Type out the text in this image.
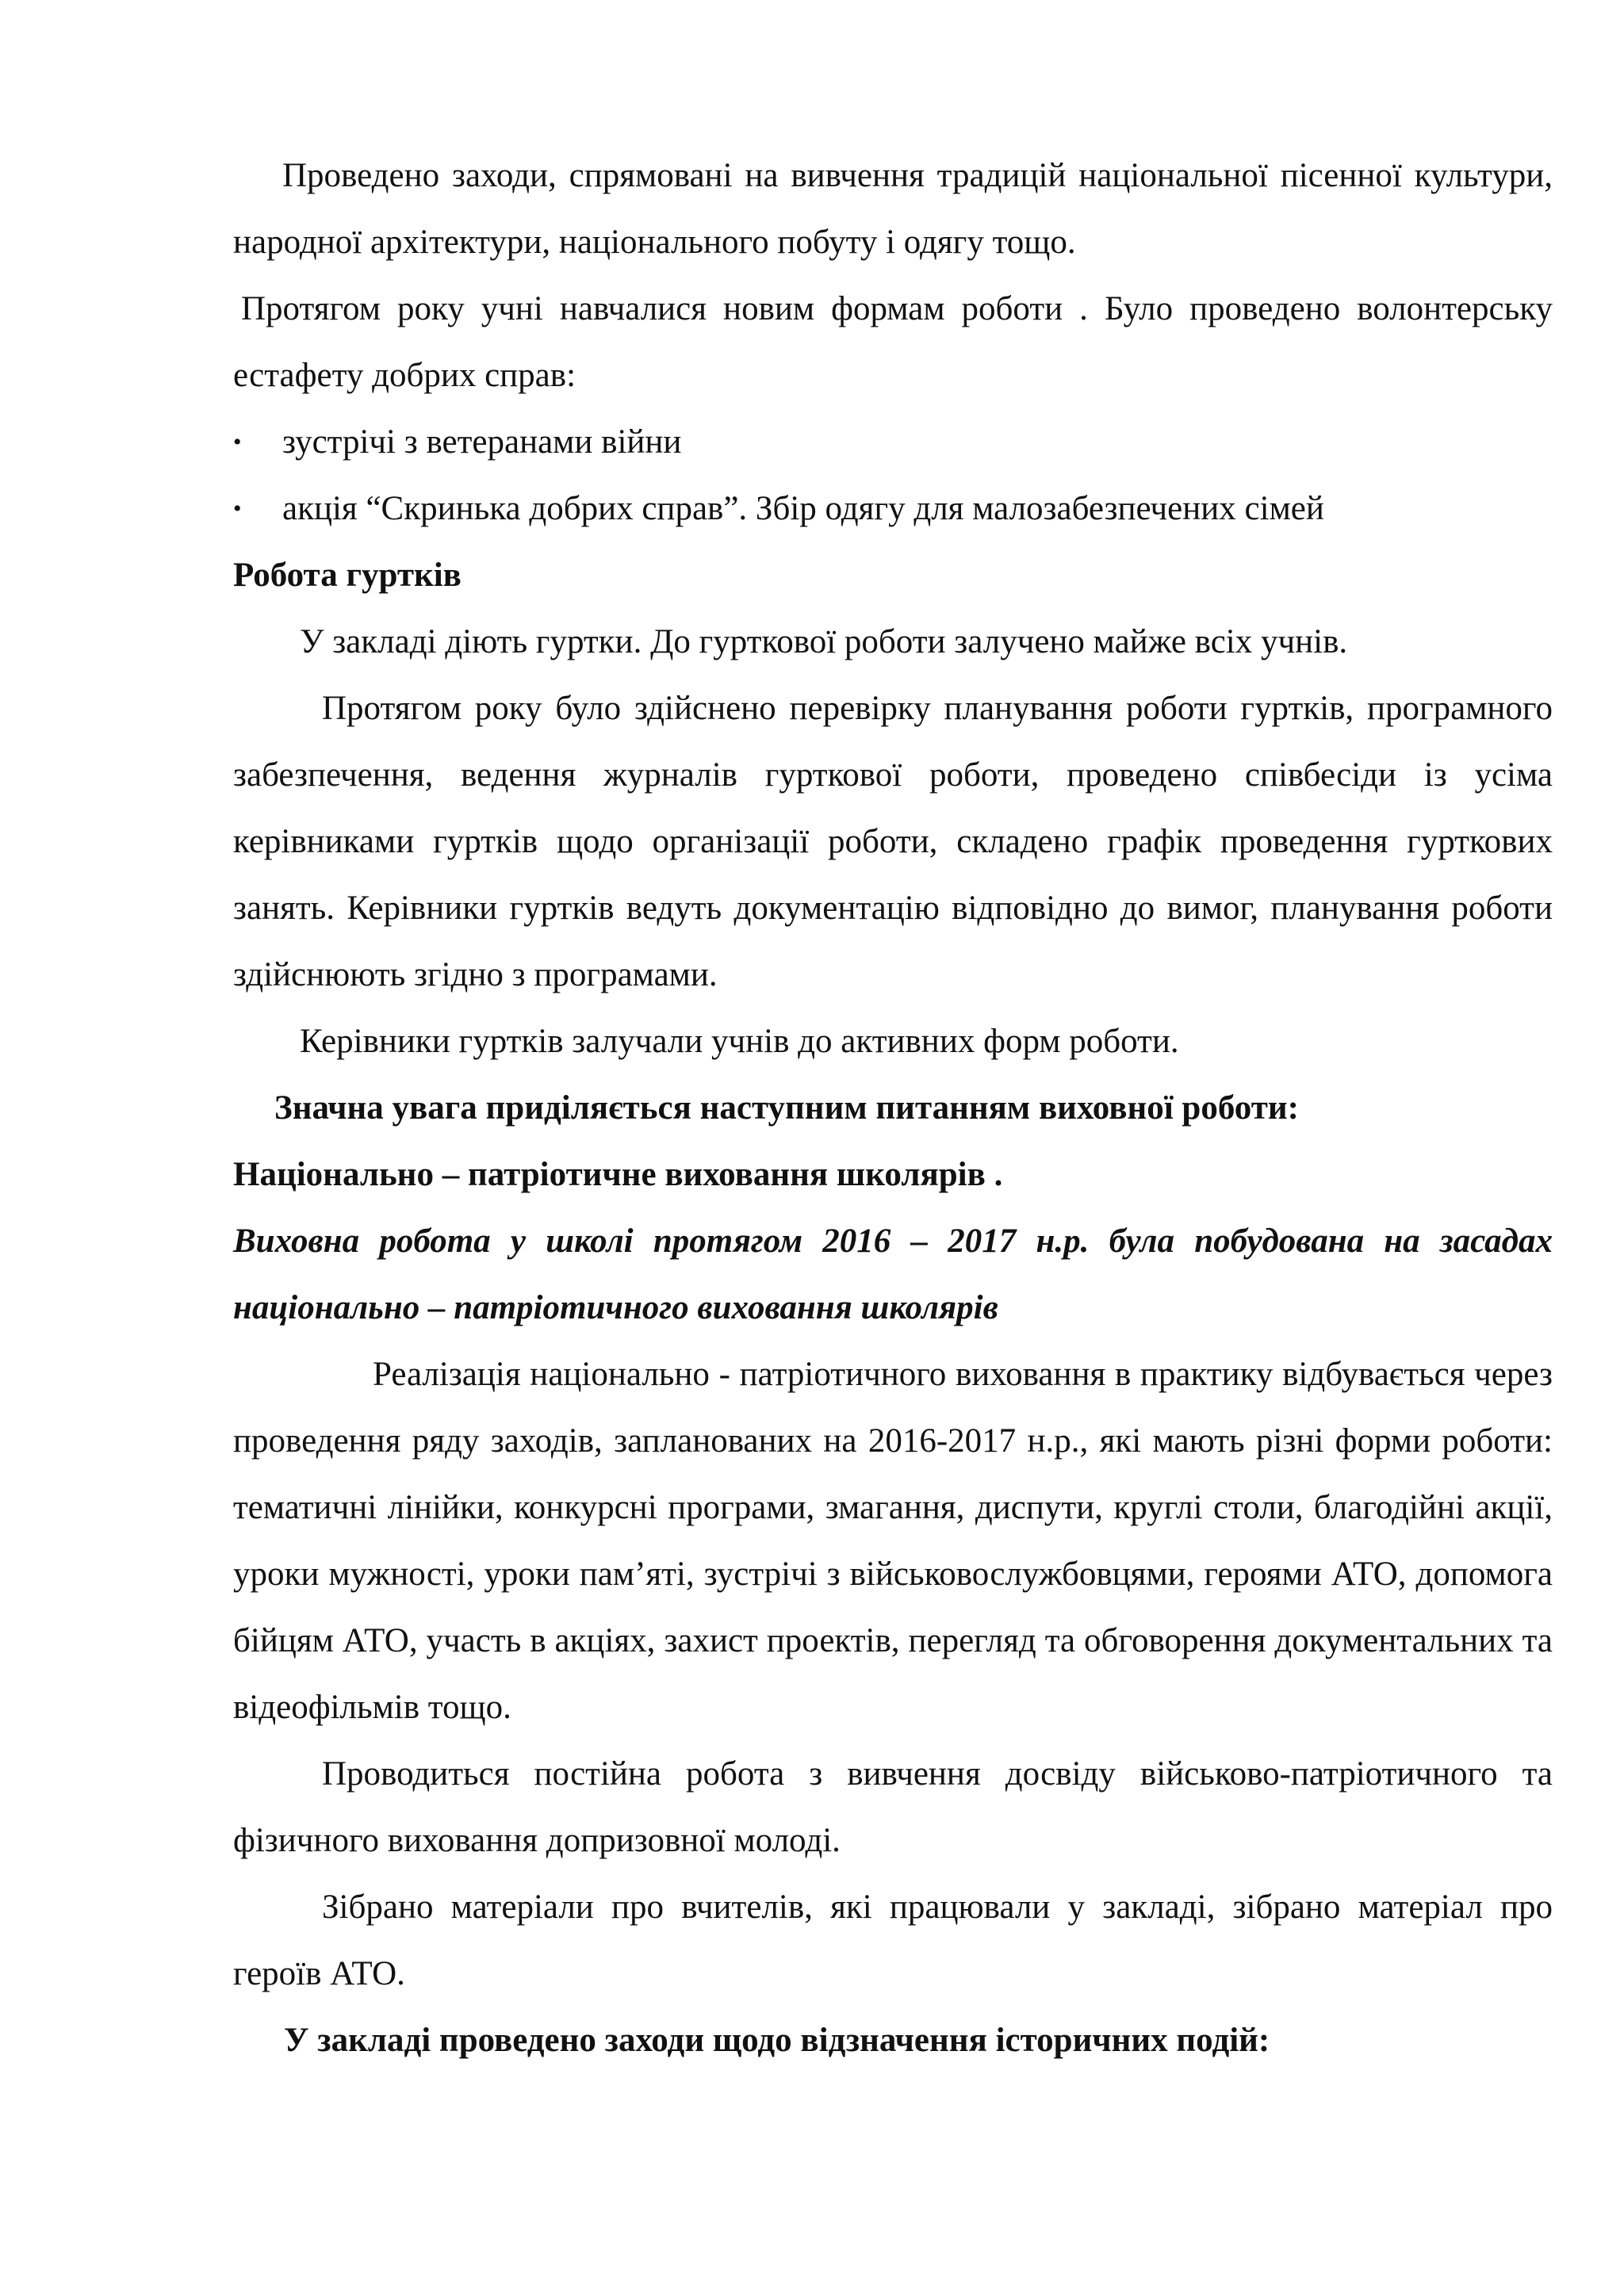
Проведено заходи, спрямовані на вивчення традицій національної пісенної культури, народної архітектури, національного побуту і одягу тощо.

Протягом року учні навчалися новим формам роботи . Було проведено волонтерську естафету добрих справ:

•	зустрічі з ветеранами війни
•	акція “Скринька добрих справ”. Збір одягу для малозабезпечених сімей

Робота гуртків

У закладі діють гуртки. До гурткової роботи залучено майже всіх учнів.

Протягом року було здійснено перевірку планування роботи гуртків, програмного забезпечення, ведення журналів гурткової роботи, проведено співбесіди із усіма керівниками гуртків щодо організації роботи, складено графік проведення гурткових занять. Керівники гуртків ведуть документацію відповідно до вимог, планування роботи здійснюють згідно з програмами.

Керівники гуртків залучали учнів до активних форм роботи.

Значна увага приділяється наступним питанням виховної роботи:

Національно – патріотичне виховання школярів .

Виховна робота у школі протягом 2016 – 2017 н.р. була побудована на засадах національно – патріотичного виховання школярів

Реалізація національно - патріотичного виховання в практику відбувається через проведення ряду заходів, запланованих на 2016-2017 н.р., які мають різні форми роботи: тематичні лінійки, конкурсні програми, змагання, диспути, круглі столи, благодійні акції, уроки мужності, уроки пам’яті, зустрічі з військовослужбовцями, героями АТО, допомога бійцям АТО, участь в акціях, захист проектів, перегляд та обговорення документальних та відеофільмів тощо.

Проводиться постійна робота з вивчення досвіду військово-патріотичного та фізичного виховання допризовної молоді.

Зібрано матеріали про вчителів, які працювали у закладі, зібрано матеріал про героїв АТО.

У закладі проведено заходи щодо відзначення історичних подій:
